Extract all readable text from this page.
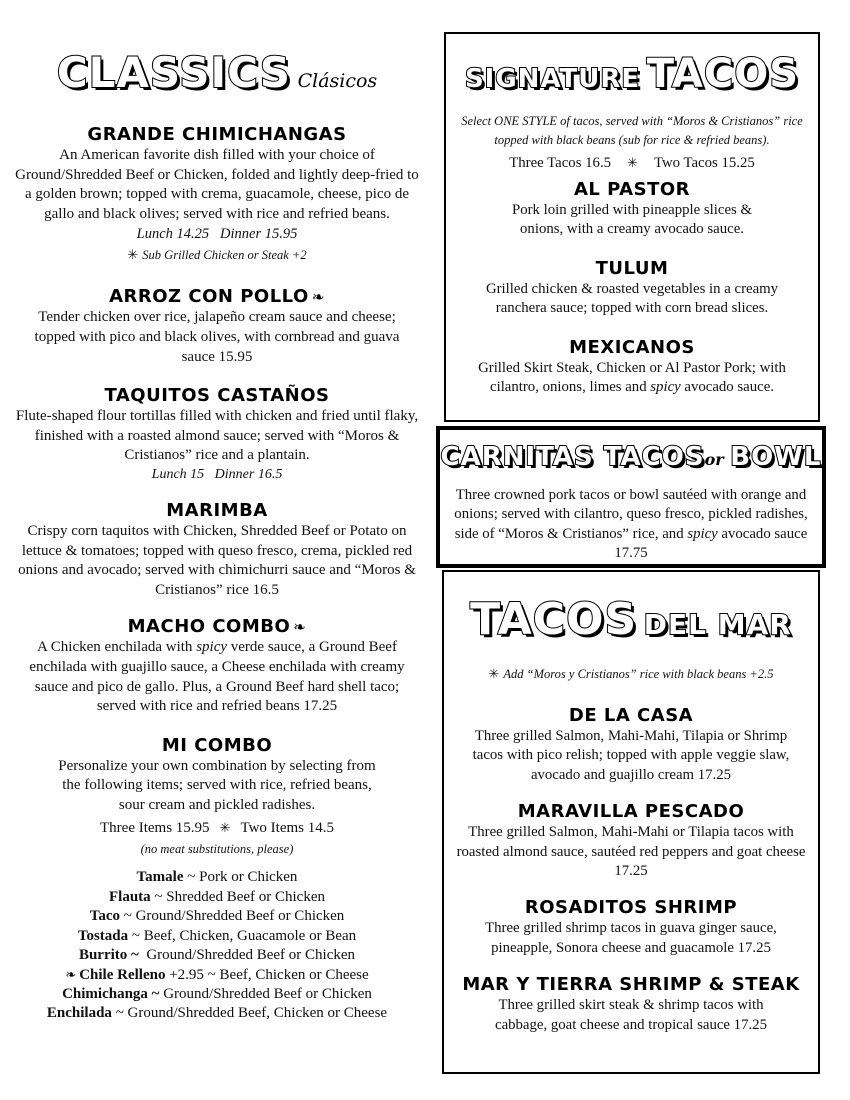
CLASSICS Clásicos
GRANDE CHIMICHANGAS
An American favorite dish filled with your choice of Ground/Shredded Beef or Chicken, folded and lightly deep-fried to a golden brown; topped with crema, guacamole, cheese, pico de gallo and black olives; served with rice and refried beans.
Lunch 14.25   Dinner 15.95
✳ Sub Grilled Chicken or Steak +2
ARROZ CON POLLO ❧
Tender chicken over rice, jalapeño cream sauce and cheese; topped with pico and black olives, with cornbread and guava sauce 15.95
TAQUITOS CASTAÑOS
Flute-shaped flour tortillas filled with chicken and fried until flaky, finished with a roasted almond sauce; served with “Moros & Cristianos” rice and a plantain.
Lunch 15   Dinner 16.5
MARIMBA
Crispy corn taquitos with Chicken, Shredded Beef or Potato on lettuce & tomatoes; topped with queso fresco, crema, pickled red onions and avocado; served with chimichurri sauce and “Moros & Cristianos” rice 16.5
MACHO COMBO ❧
A Chicken enchilada with spicy verde sauce, a Ground Beef enchilada with guajillo sauce, a Cheese enchilada with creamy sauce and pico de gallo. Plus, a Ground Beef hard shell taco; served with rice and refried beans 17.25
MI COMBO
Personalize your own combination by selecting from the following items; served with rice, refried beans, sour cream and pickled radishes.
Three Items 15.95 ✳ Two Items 14.5
(no meat substitutions, please)
Tamale ~ Pork or Chicken
Flauta ~ Shredded Beef or Chicken
Taco ~ Ground/Shredded Beef or Chicken
Tostada ~ Beef, Chicken, Guacamole or Bean
Burrito ~  Ground/Shredded Beef or Chicken
❧ Chile Relleno +2.95 ~ Beef, Chicken or Cheese
Chimichanga ~ Ground/Shredded Beef or Chicken
Enchilada ~ Ground/Shredded Beef, Chicken or Cheese
SIGNATURE TACOS
Select ONE STYLE of tacos, served with “Moros & Cristianos” rice topped with black beans (sub for rice & refried beans).
Three Tacos 16.5 ✳ Two Tacos 15.25
AL PASTOR
Pork loin grilled with pineapple slices & onions, with a creamy avocado sauce.
TULUM
Grilled chicken & roasted vegetables in a creamy ranchera sauce; topped with corn bread slices.
MEXICANOS
Grilled Skirt Steak, Chicken or Al Pastor Pork; with cilantro, onions, limes and spicy avocado sauce.
CARNITAS TACOSor BOWL
Three crowned pork tacos or bowl sautéed with orange and onions; served with cilantro, queso fresco, pickled radishes, side of “Moros & Cristianos” rice, and spicy avocado sauce 17.75
TACOS DEL MAR
✳ Add “Moros y Cristianos” rice with black beans +2.5
DE LA CASA
Three grilled Salmon, Mahi-Mahi, Tilapia or Shrimp tacos with pico relish; topped with apple veggie slaw, avocado and guajillo cream 17.25
MARAVILLA PESCADO
Three grilled Salmon, Mahi-Mahi or Tilapia tacos with roasted almond sauce, sautéed red peppers and goat cheese 17.25
ROSADITOS SHRIMP
Three grilled shrimp tacos in guava ginger sauce, pineapple, Sonora cheese and guacamole 17.25
MAR Y TIERRA SHRIMP & STEAK
Three grilled skirt steak & shrimp tacos with cabbage, goat cheese and tropical sauce 17.25
